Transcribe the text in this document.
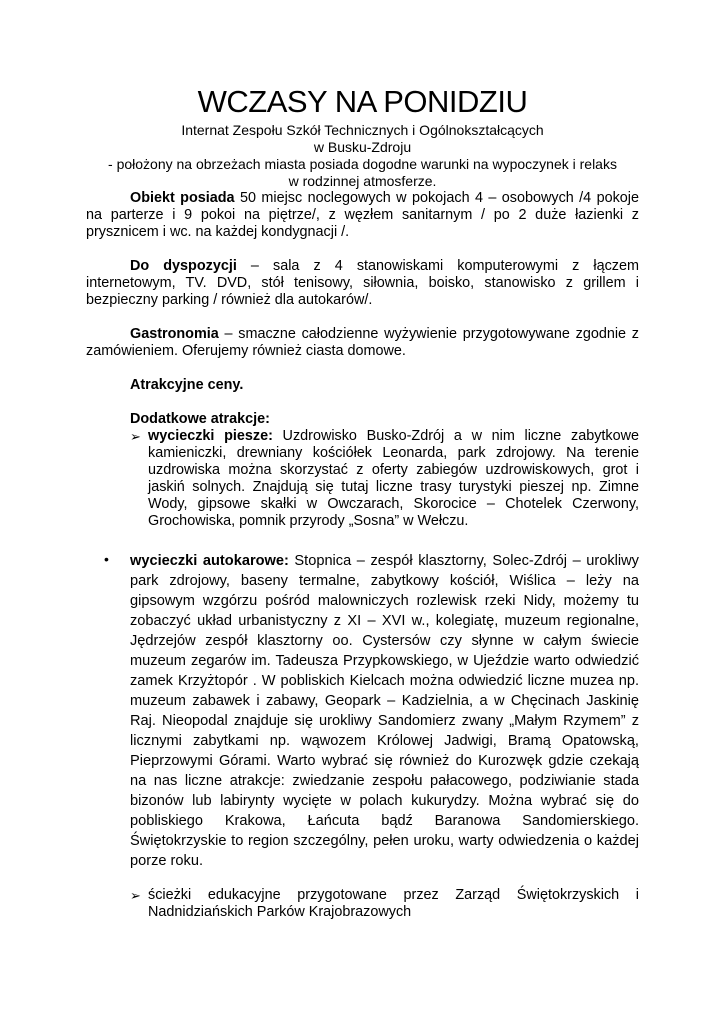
WCZASY NA PONIDZIU
Internat Zespołu Szkół Technicznych i Ogólnokształcących
w Busku-Zdroju
- położony na obrzeżach miasta posiada dogodne warunki na wypoczynek i relaks
w rodzinnej atmosferze.

Obiekt posiada 50 miejsc noclegowych w pokojach 4 – osobowych /4 pokoje na parterze i 9 pokoi na piętrze/, z węzłem sanitarnym / po 2 duże łazienki z prysznicem i wc. na każdej kondygnacji /.

Do dyspozycji – sala z 4 stanowiskami komputerowymi z łączem internetowym, TV. DVD, stół tenisowy, siłownia, boisko, stanowisko z grillem i bezpieczny parking / również dla autokarów/.

Gastronomia – smaczne całodzienne wyżywienie przygotowywane zgodnie z zamówieniem. Oferujemy również ciasta domowe.

Atrakcyjne ceny.

Dodatkowe atrakcje:

➢ wycieczki piesze: Uzdrowisko Busko-Zdrój a w nim liczne zabytkowe kamieniczki, drewniany kościółek Leonarda, park zdrojowy. Na terenie uzdrowiska można skorzystać z oferty zabiegów uzdrowiskowych, grot i jaskiń solnych. Znajdują się tutaj liczne trasy turystyki pieszej np. Zimne Wody, gipsowe skałki w Owczarach, Skorocice – Chotelek Czerwony, Grochowiska, pomnik przyrody „Sosna” w Wełczu.
• wycieczki autokarowe: Stopnica – zespół klasztorny, Solec-Zdrój – urokliwy park zdrojowy, baseny termalne, zabytkowy kościół, Wiślica – leży na gipsowym wzgórzu pośród malowniczych rozlewisk rzeki Nidy, możemy tu zobaczyć układ urbanistyczny z XI – XVI w., kolegiatę, muzeum regionalne, Jędrzejów zespół klasztorny oo. Cystersów czy słynne w całym świecie muzeum zegarów im. Tadeusza Przypkowskiego, w Ujeździe warto odwiedzić zamek Krzyżtopór . W pobliskich Kielcach można odwiedzić liczne muzea np. muzeum zabawek i zabawy, Geopark – Kadzielnia, a w Chęcinach Jaskinię Raj. Nieopodal znajduje się urokliwy Sandomierz zwany „Małym Rzymem” z licznymi zabytkami np. wąwozem Królowej Jadwigi, Bramą Opatowską, Pieprzowymi Górami. Warto wybrać się również do Kurozwęk gdzie czekają na nas liczne atrakcje: zwiedzanie zespołu pałacowego, podziwianie stada bizonów lub labirynty wycięte w polach kukurydzy. Można wybrać się do pobliskiego Krakowa, Łańcuta bądź Baranowa Sandomierskiego. Świętokrzyskie to region szczególny, pełen uroku, warty odwiedzenia o każdej porze roku.
➢ ścieżki edukacyjne przygotowane przez Zarząd Świętokrzyskich i Nadnidziańskich Parków Krajobrazowych
